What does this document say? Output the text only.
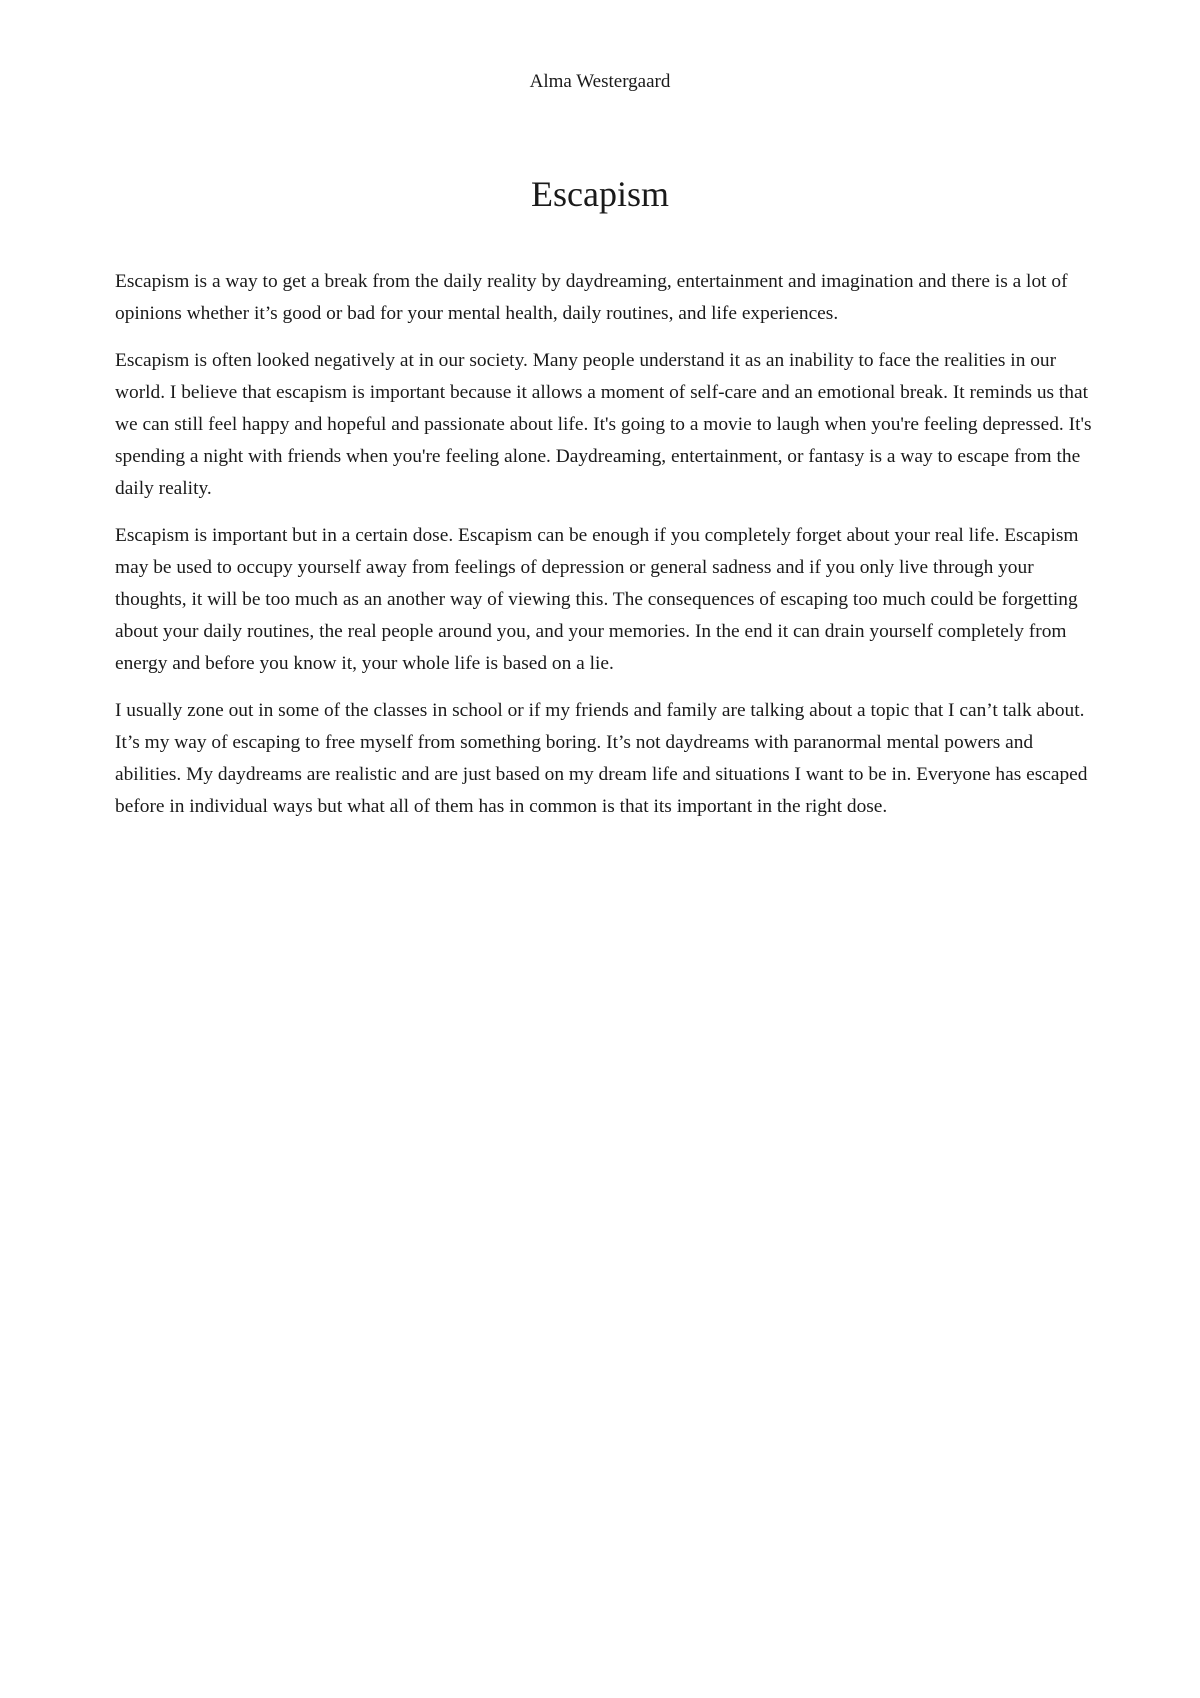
Alma Westergaard
Escapism

Escapism is a way to get a break from the daily reality by daydreaming, entertainment and imagination and there is a lot of opinions whether it’s good or bad for your mental health, daily routines, and life experiences.

Escapism is often looked negatively at in our society. Many people understand it as an inability to face the realities in our world. I believe that escapism is important because it allows a moment of self-care and an emotional break. It reminds us that we can still feel happy and hopeful and passionate about life. It's going to a movie to laugh when you're feeling depressed. It's spending a night with friends when you're feeling alone. Daydreaming, entertainment, or fantasy is a way to escape from the daily reality.

Escapism is important but in a certain dose. Escapism can be enough if you completely forget about your real life. Escapism may be used to occupy yourself away from feelings of depression or general sadness and if you only live through your thoughts, it will be too much as an another way of viewing this. The consequences of escaping too much could be forgetting about your daily routines, the real people around you, and your memories. In the end it can drain yourself completely from energy and before you know it, your whole life is based on a lie.

I usually zone out in some of the classes in school or if my friends and family are talking about a topic that I can’t talk about. It’s my way of escaping to free myself from something boring. It’s not daydreams with paranormal mental powers and abilities. My daydreams are realistic and are just based on my dream life and situations I want to be in. Everyone has escaped before in individual ways but what all of them has in common is that its important in the right dose.
